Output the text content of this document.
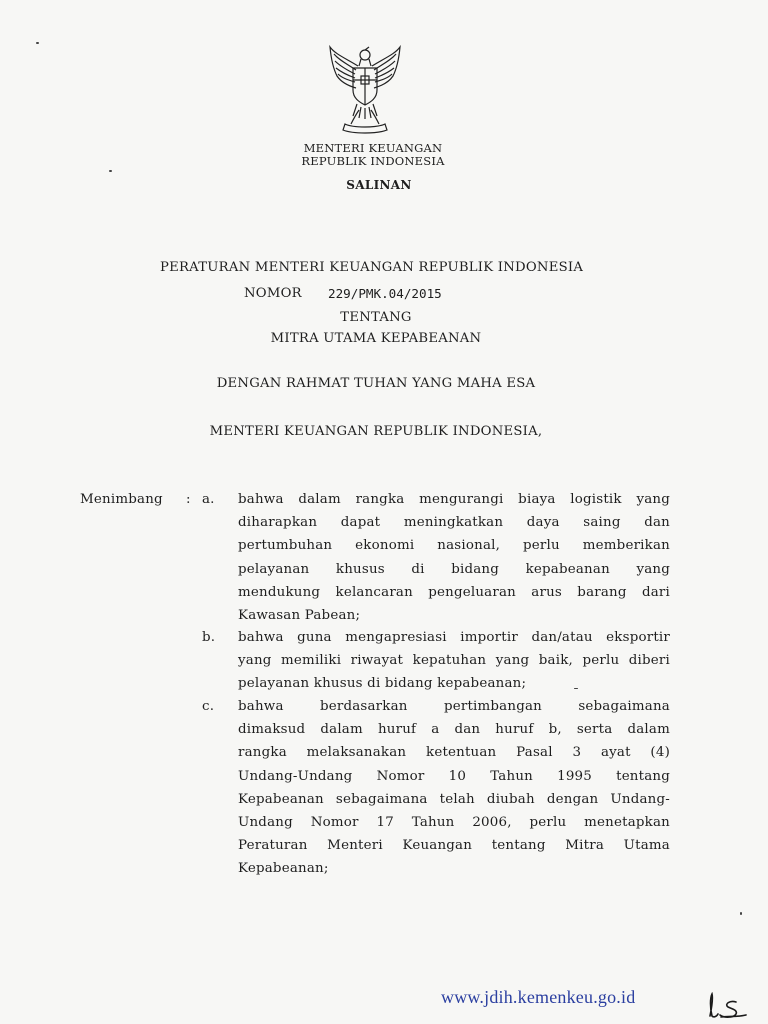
MENTERI KEUANGAN
REPUBLIK INDONESIA
SALINAN
PERATURAN MENTERI KEUANGAN REPUBLIK INDONESIA
NOMOR 229/PMK.04/2015
TENTANG
MITRA UTAMA KEPABEANAN
DENGAN RAHMAT TUHAN YANG MAHA ESA
MENTERI KEUANGAN REPUBLIK INDONESIA,
Menimbang : a. bahwa dalam rangka mengurangi biaya logistik yang
diharapkan dapat meningkatkan daya saing dan
pertumbuhan ekonomi nasional, perlu memberikan
pelayanan khusus di bidang kepabeanan yang
mendukung kelancaran pengeluaran arus barang dari
Kawasan Pabean;
b. bahwa guna mengapresiasi importir dan/atau eksportir
yang memiliki riwayat kepatuhan yang baik, perlu diberi
pelayanan khusus di bidang kepabeanan;
c. bahwa berdasarkan pertimbangan sebagaimana
dimaksud dalam huruf a dan huruf b, serta dalam
rangka melaksanakan ketentuan Pasal 3 ayat (4)
Undang-Undang Nomor 10 Tahun 1995 tentang
Kepabeanan sebagaimana telah diubah dengan Undang-
Undang Nomor 17 Tahun 2006, perlu menetapkan
Peraturan Menteri Keuangan tentang Mitra Utama
Kepabeanan;
www.jdih.kemenkeu.go.id
